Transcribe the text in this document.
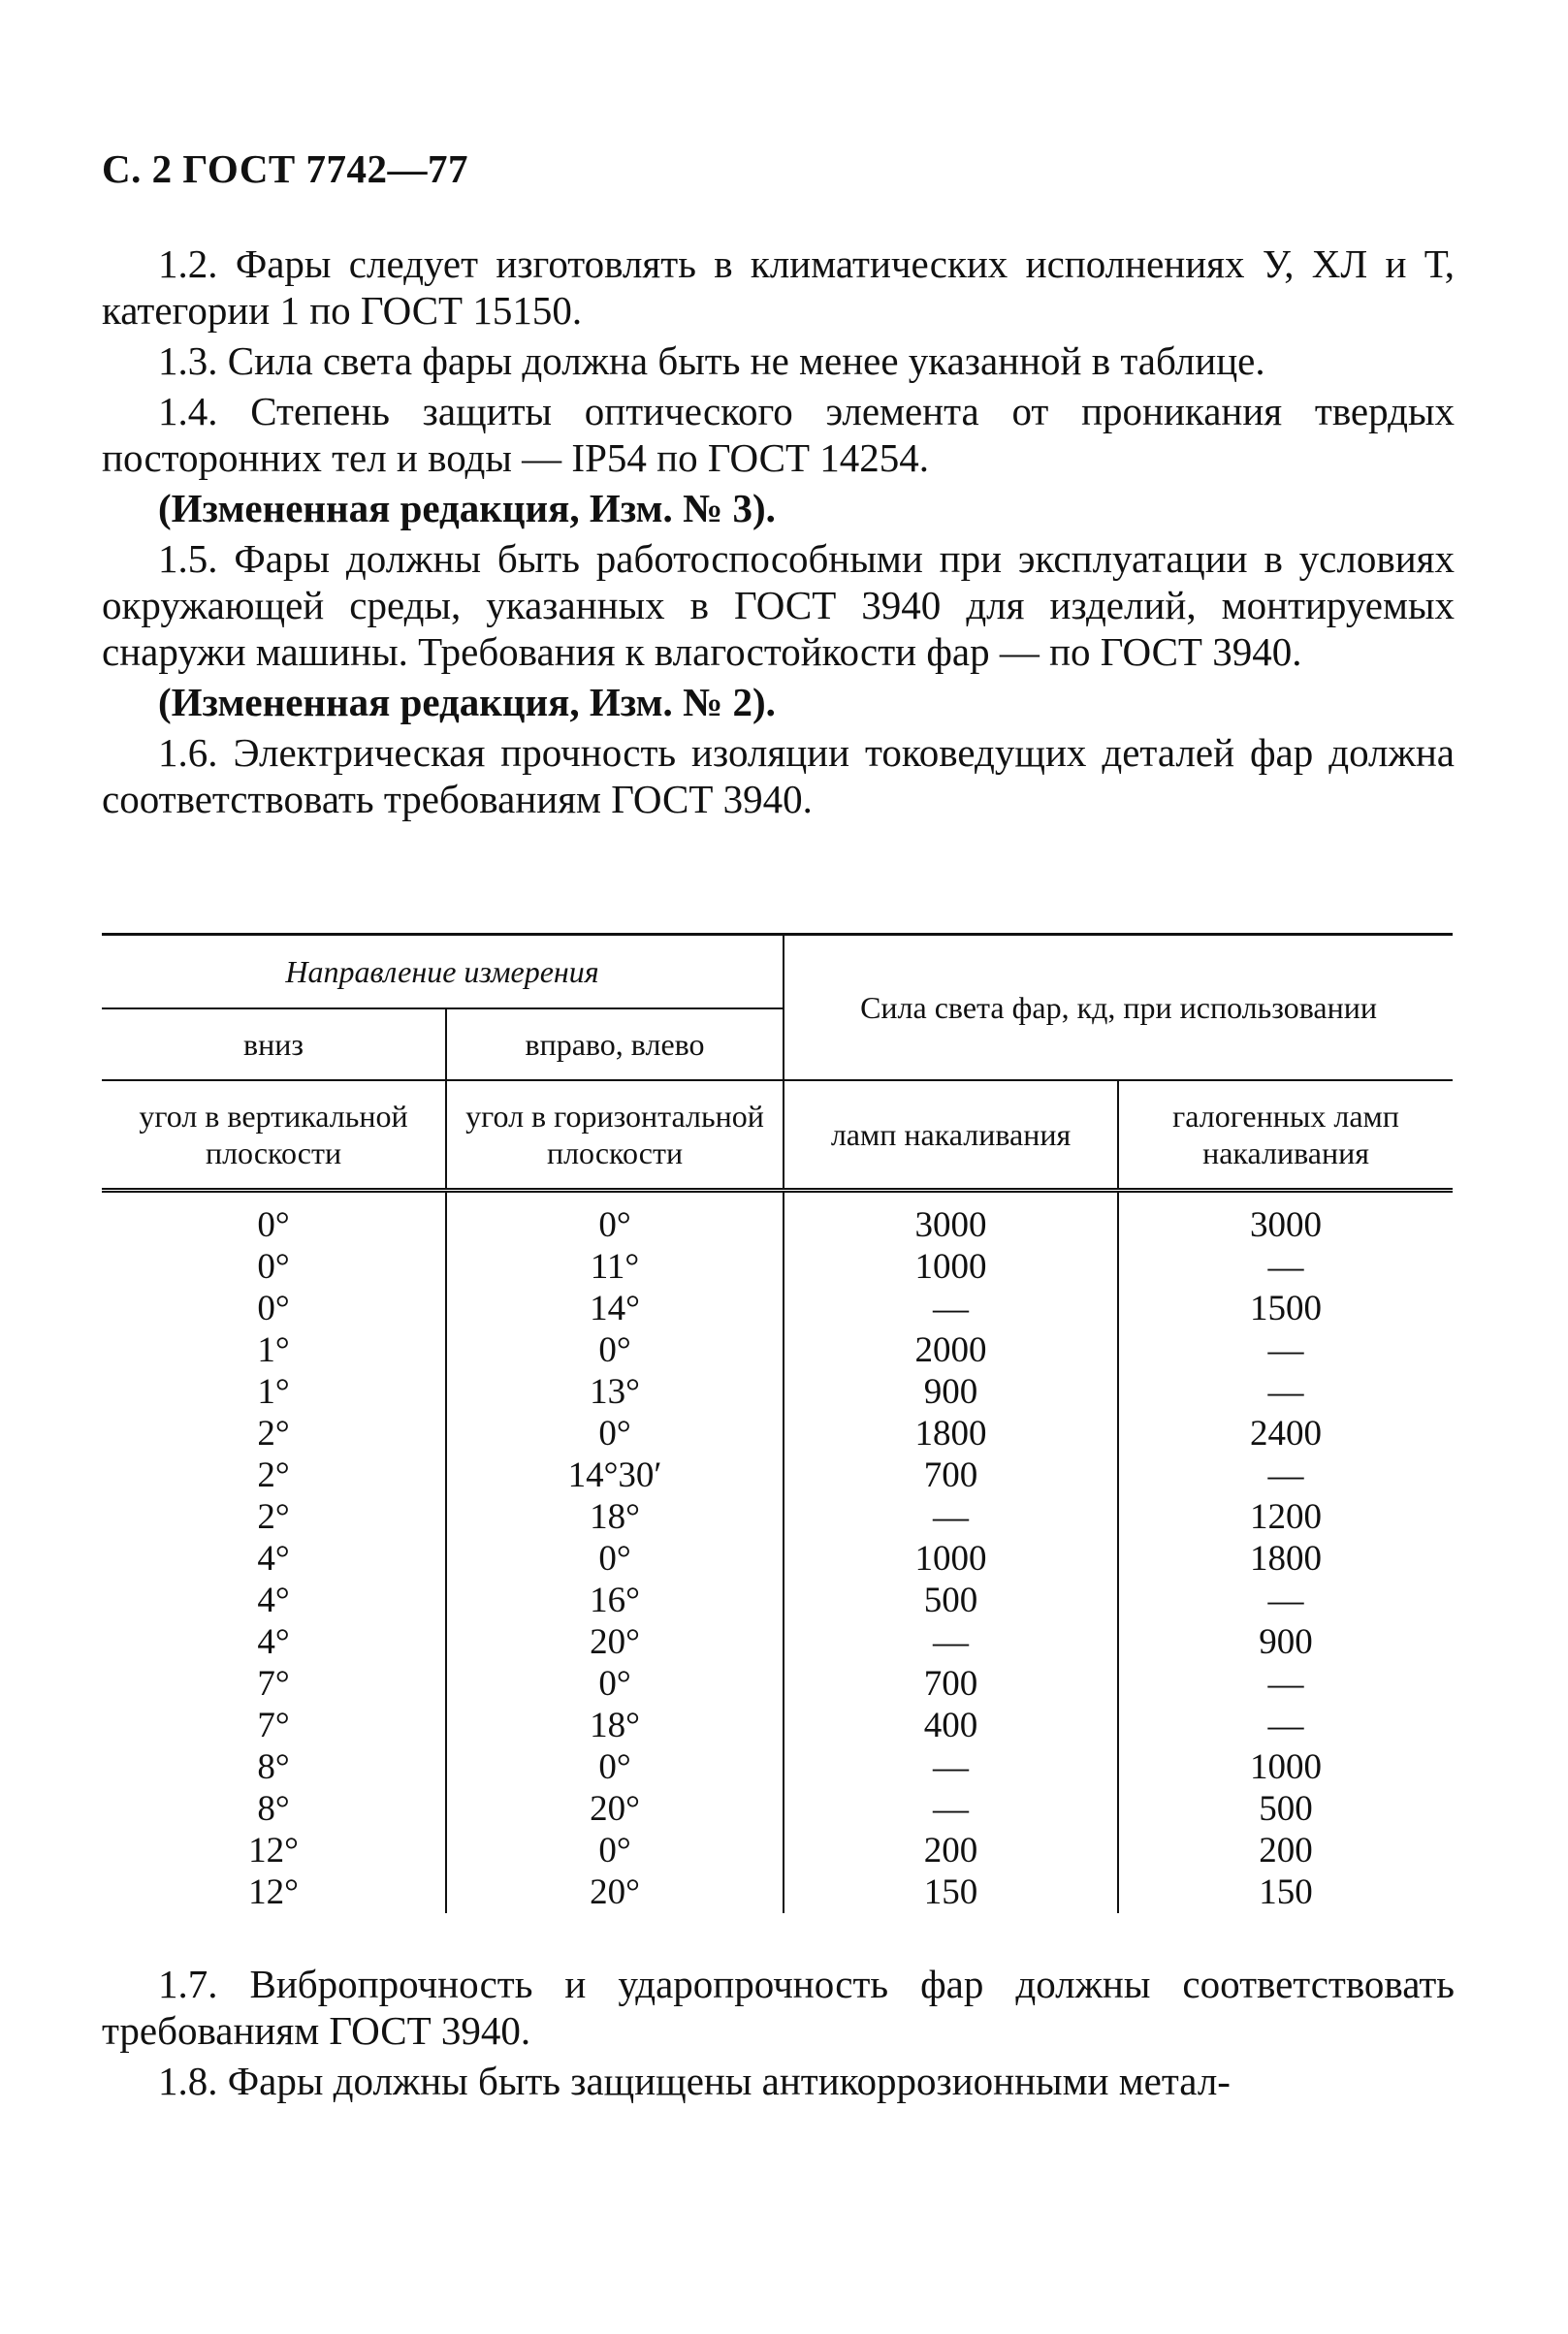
С. 2 ГОСТ 7742—77

1.2. Фары следует изготовлять в климатических исполнениях У, ХЛ и Т, категории 1 по ГОСТ 15150.

1.3. Сила света фары должна быть не менее указанной в таблице.

1.4. Степень защиты оптического элемента от проникания твердых посторонних тел и воды — IP54 по ГОСТ 14254.

(Измененная редакция, Изм. № 3).

1.5. Фары должны быть работоспособными при эксплуатации в условиях окружающей среды, указанных в ГОСТ 3940 для изделий, монтируемых снаружи машины. Требования к влагостойкости фар — по ГОСТ 3940.

(Измененная редакция, Изм. № 2).

1.6. Электрическая прочность изоляции токоведущих деталей фар должна соответствовать требованиям ГОСТ 3940.

Направление измерения		Сила света фар, кд, при использовании	
вниз	вправо, влево		
угол в вертикальной плоскости	угол в горизонтальной плоскости	ламп накаливания	галогенных ламп накаливания

0°	0°	3000	3000
0°	11°	1000	—
0°	14°	—	1500
1°	0°	2000	—
1°	13°	900	—
2°	0°	1800	2400
2°	14°30′	700	—
2°	18°	—	1200
4°	0°	1000	1800
4°	16°	500	—
4°	20°	—	900
7°	0°	700	—
7°	18°	400	—
8°	0°	—	1000
8°	20°	—	500
12°	0°	200	200
12°	20°	150	150

1.7. Вибропрочность и ударопрочность фар должны соответствовать требованиям ГОСТ 3940.

1.8. Фары должны быть защищены антикоррозионными метал-
